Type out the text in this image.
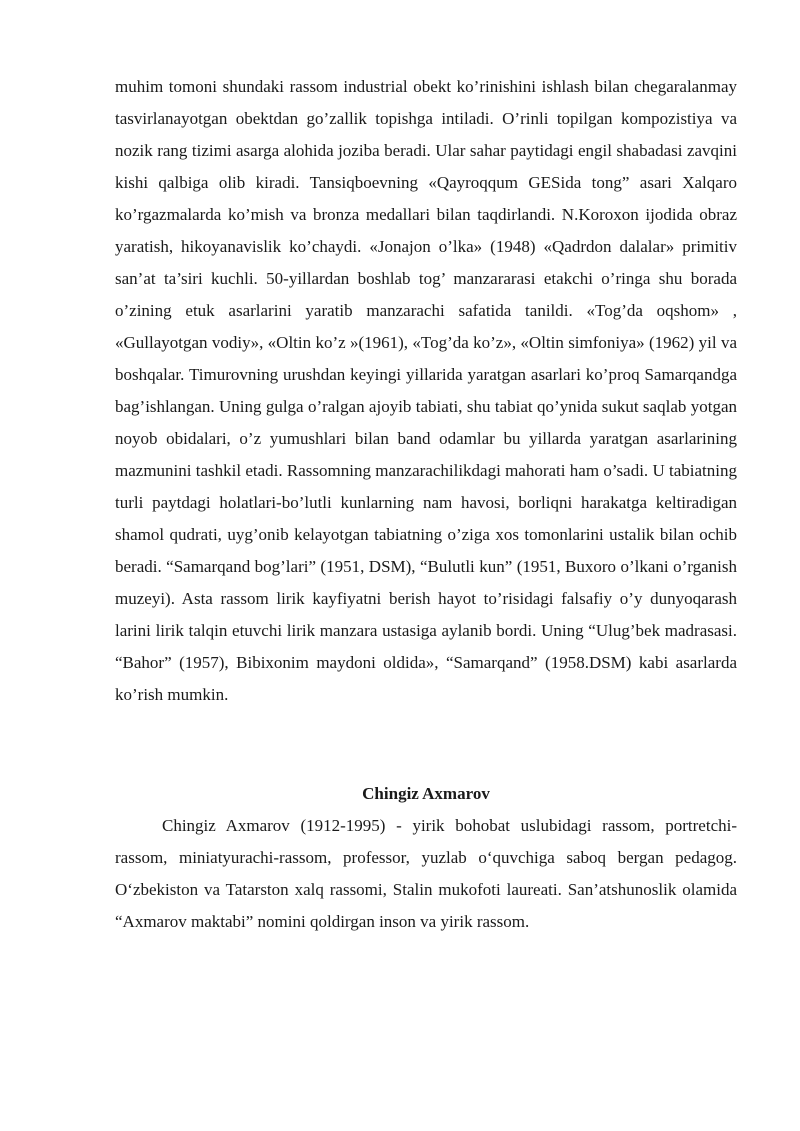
muhim tomoni shundaki rassom industrial obekt ko’rinishini ishlash bilan chegaralanmay tasvirlanayotgan obektdan go’zallik topishga intiladi. O’rinli topilgan kompozistiya va nozik rang tizimi asarga alohida joziba beradi. Ular sahar paytidagi engil shabadasi zavqini kishi qalbiga olib kiradi. Tansiqboevning «Qayroqqum GESida tong” asari Xalqaro ko’rgazmalarda ko’mish va bronza medallari bilan taqdirlandi. N.Koroxon ijodida obraz yaratish, hikoyanavislik ko’chaydi. «Jonajon o’lka» (1948) «Qadrdon dalalar» primitiv san’at ta’siri kuchli. 50-yillardan boshlab tog’ manzararasi etakchi o’ringa shu borada o’zining etuk asarlarini yaratib manzarachi safatida tanildi. «Tog’da oqshom» , «Gullayotgan vodiy», «Oltin ko’z »(1961), «Tog’da ko’z», «Oltin simfoniya» (1962) yil va boshqalar. Timurovning urushdan keyingi yillarida yaratgan asarlari ko’proq Samarqandga bag’ishlangan. Uning gulga o’ralgan ajoyib tabiati, shu tabiat qo’ynida sukut saqlab yotgan noyob obidalari, o’z yumushlari bilan band odamlar bu yillarda yaratgan asarlarining mazmunini tashkil etadi. Rassomning manzarachilikdagi mahorati ham o’sadi. U tabiatning turli paytdagi holatlari-bo’lutli kunlarning nam havosi, borliqni harakatga keltiradigan shamol qudrati, uyg’onib kelayotgan tabiatning o’ziga xos tomonlarini ustalik bilan ochib beradi. “Samarqand bog’lari” (1951, DSM), “Bulutli kun” (1951, Buxoro o’lkani o’rganish muzeyi). Asta rassom lirik kayfiyatni berish hayot to’risidagi falsafiy o’y dunyoqarash larini lirik talqin etuvchi lirik manzara ustasiga aylanib bordi. Uning “Ulug’bek madrasasi. “Bahor” (1957), Bibixonim maydoni oldida», “Samarqand” (1958.DSM) kabi asarlarda ko’rish mumkin.

Chingiz Axmarov

Chingiz Axmarov (1912-1995) - yirik bohobat uslubidagi rassom, portretchi-rassom, miniatyurachi-rassom, professor, yuzlab o‘quvchiga saboq bergan pedagog. O‘zbekiston va Tatarston xalq rassomi, Stalin mukofoti laureati. San’atshunoslik olamida “Axmarov maktabi” nomini qoldirgan inson va yirik rassom.
